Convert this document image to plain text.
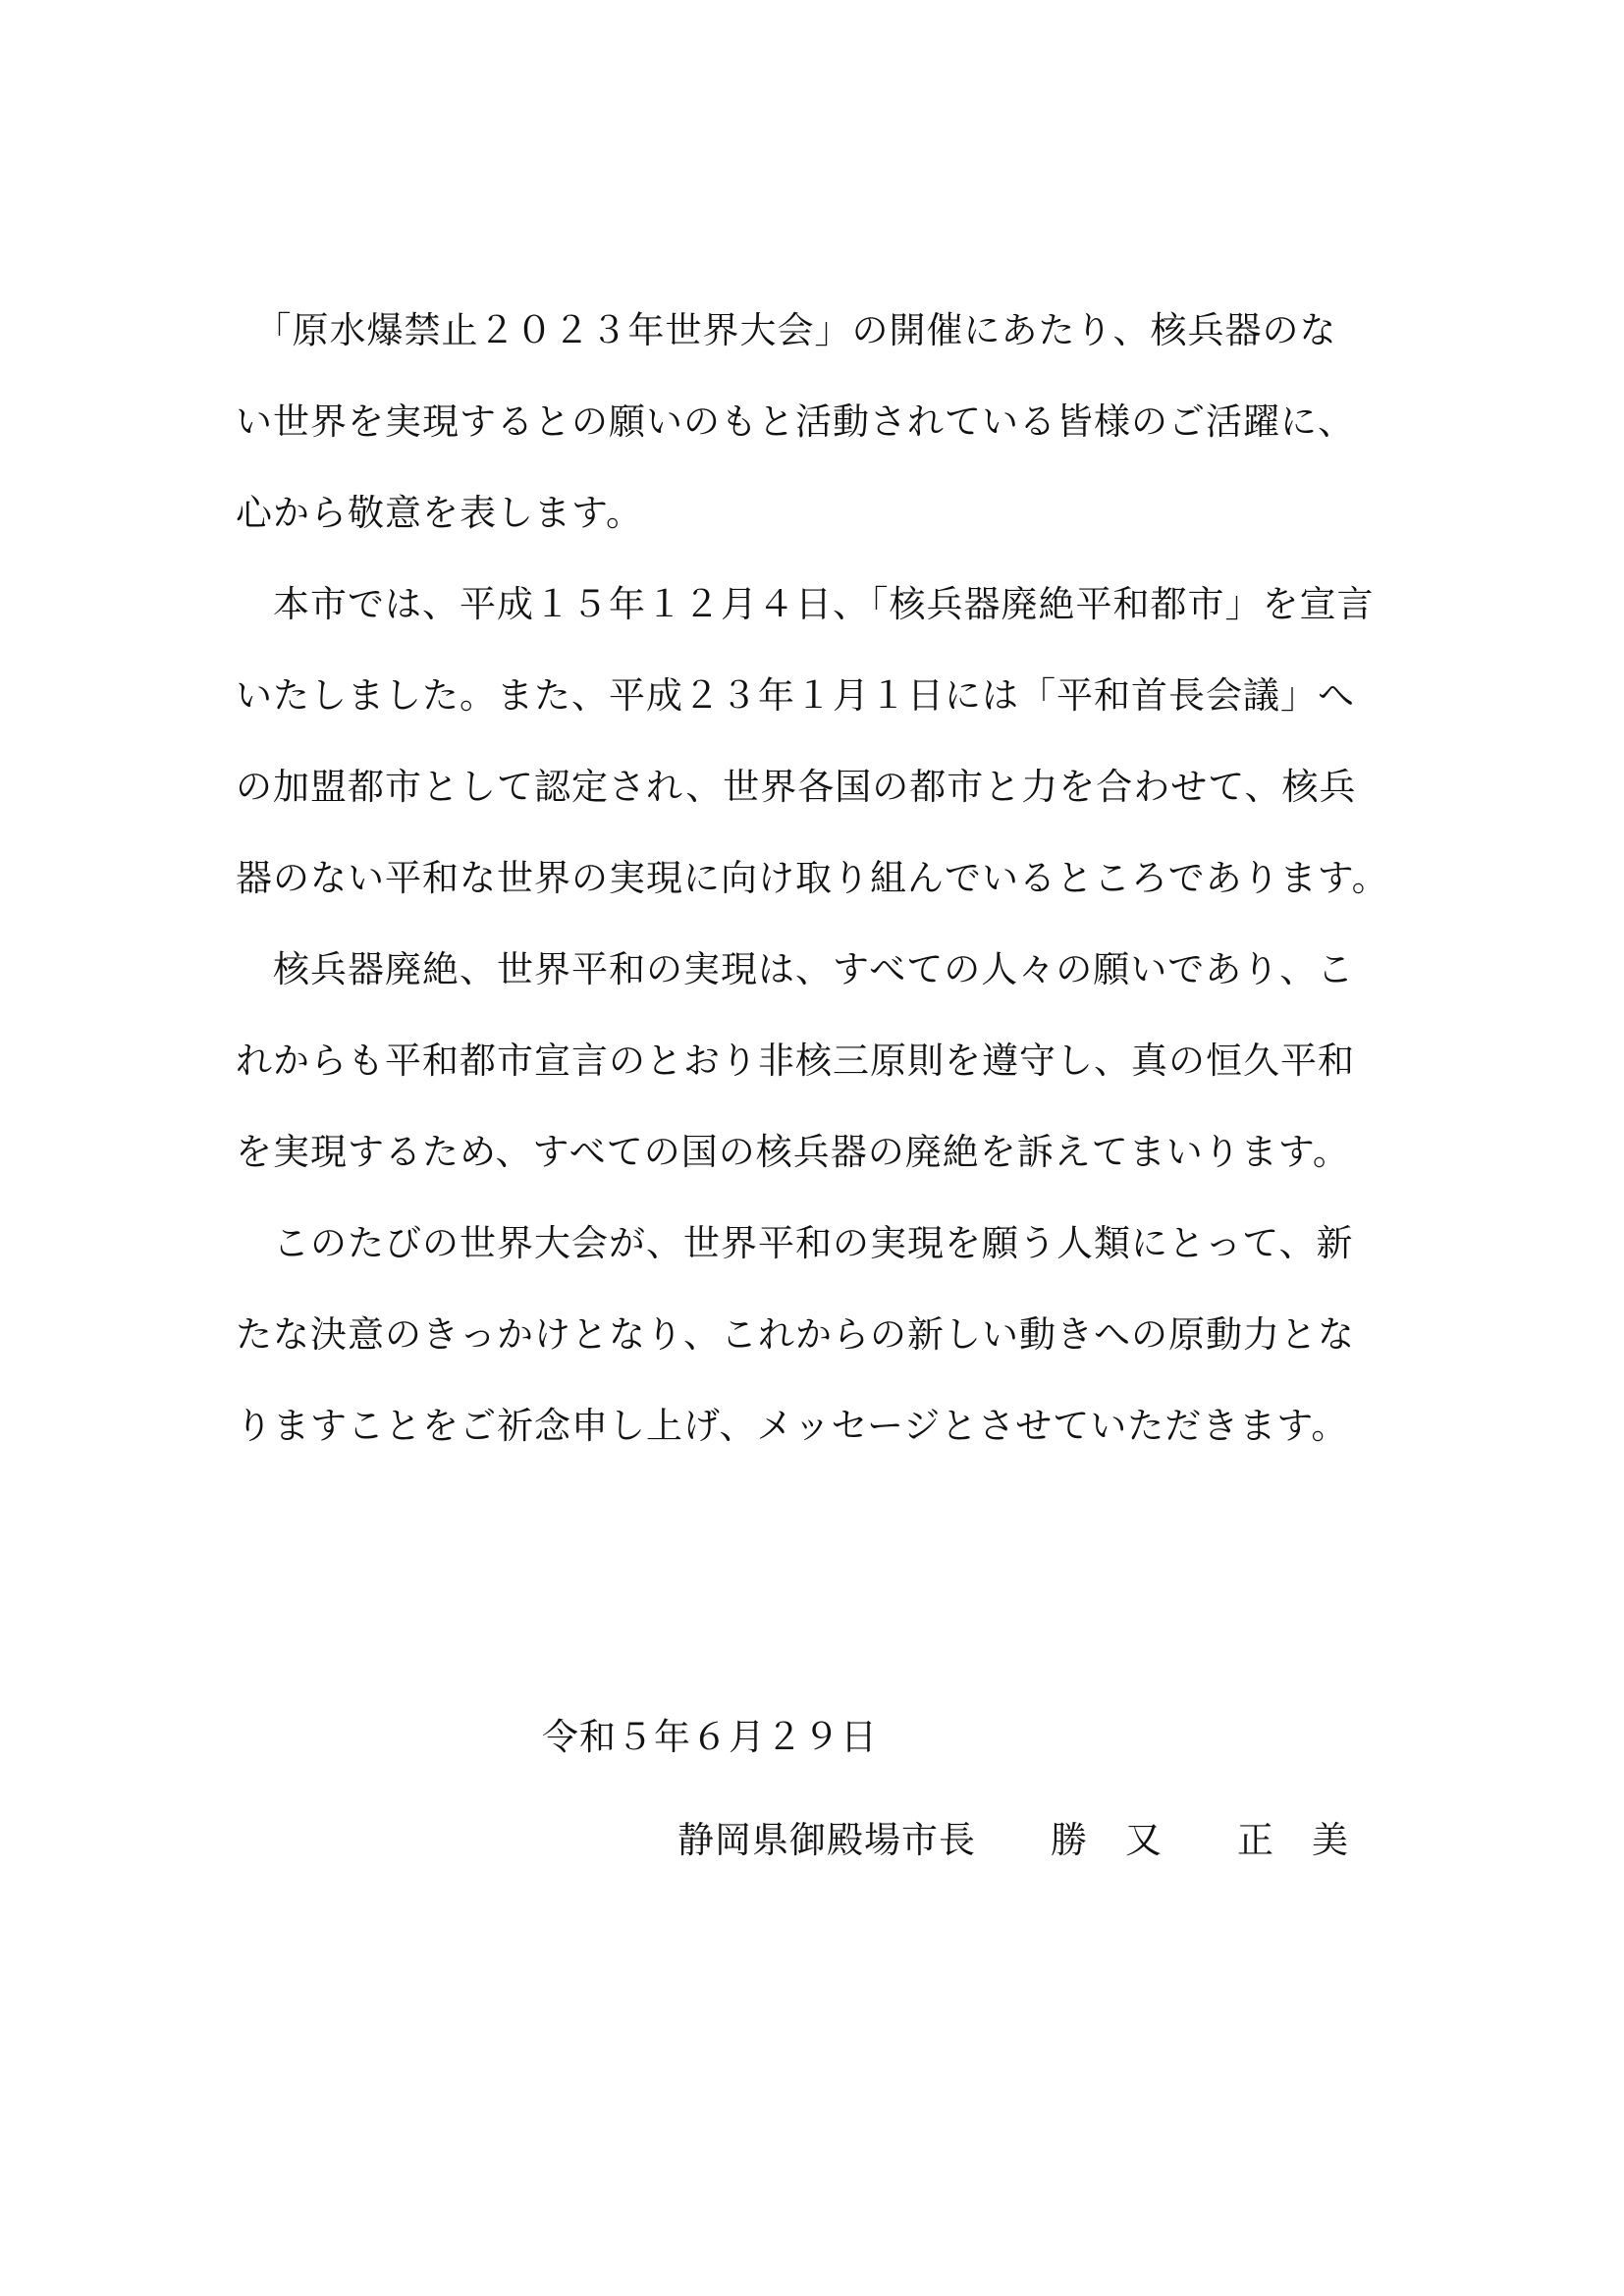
　「原水爆禁止２０２３年世界大会」の開催にあたり、核兵器のな
い世界を実現するとの願いのもと活動されている皆様のご活躍に、
心から敬意を表します。
　本市では、平成１５年１２月４日、「核兵器廃絶平和都市」を宣言
いたしました。また、平成２３年１月１日には「平和首長会議」へ
の加盟都市として認定され、世界各国の都市と力を合わせて、核兵
器のない平和な世界の実現に向け取り組んでいるところであります。
　核兵器廃絶、世界平和の実現は、すべての人々の願いであり、こ
れからも平和都市宣言のとおり非核三原則を遵守し、真の恒久平和
を実現するため、すべての国の核兵器の廃絶を訴えてまいります。
　このたびの世界大会が、世界平和の実現を願う人類にとって、新
たな決意のきっかけとなり、これからの新しい動きへの原動力とな
りますことをご祈念申し上げ、メッセージとさせていただきます。
令和５年６月２９日
静岡県御殿場市長　　勝　又　　正　美
